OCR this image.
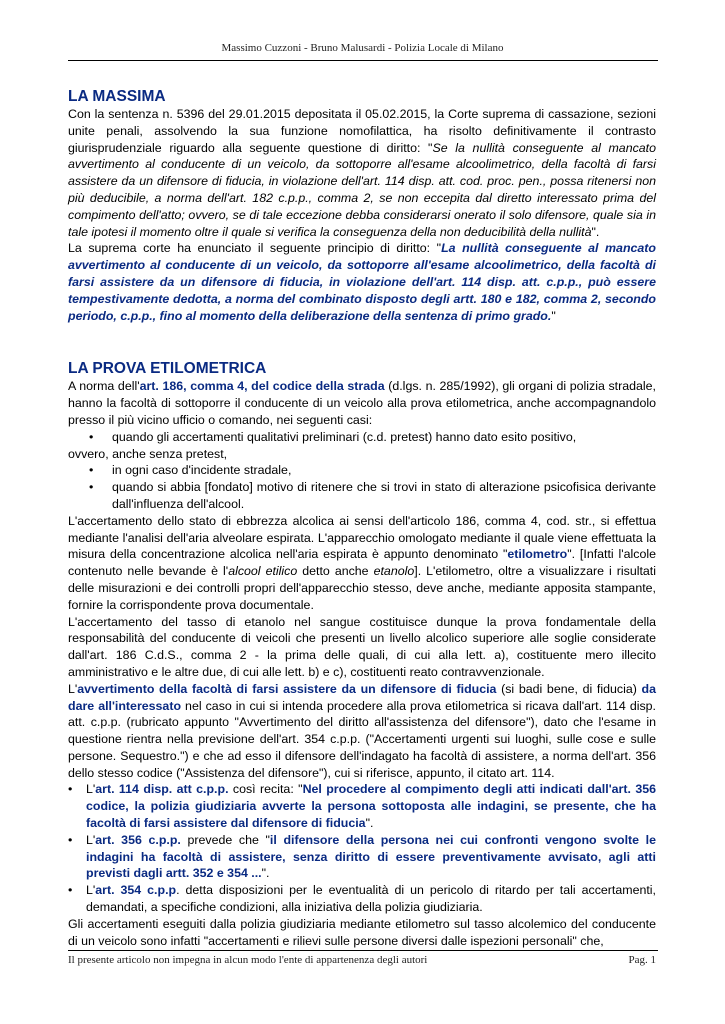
Massimo Cuzzoni - Bruno Malusardi - Polizia Locale di Milano
LA MASSIMA

Con la sentenza n. 5396 del 29.01.2015 depositata il 05.02.2015, la Corte suprema di cassazione, sezioni unite penali, assolvendo la sua funzione nomofilattica, ha risolto definitivamente il contrasto giurisprudenziale riguardo alla seguente questione di diritto: "Se la nullità conseguente al mancato avvertimento al conducente di un veicolo, da sottoporre all'esame alcoolimetrico, della facoltà di farsi assistere da un difensore di fiducia, in violazione dell'art. 114 disp. att. cod. proc. pen., possa ritenersi non più deducibile, a norma dell'art. 182 c.p.p., comma 2, se non eccepita dal diretto interessato prima del compimento dell'atto; ovvero, se di tale eccezione debba considerarsi onerato il solo difensore, quale sia in tale ipotesi il momento oltre il quale si verifica la conseguenza della non deducibilità della nullità".

La suprema corte ha enunciato il seguente principio di diritto: "La nullità conseguente al mancato avvertimento al conducente di un veicolo, da sottoporre all'esame alcoolimetrico, della facoltà di farsi assistere da un difensore di fiducia, in violazione dell'art. 114 disp. att. c.p.p., può essere tempestivamente dedotta, a norma del combinato disposto degli artt. 180 e 182, comma 2, secondo periodo, c.p.p., fino al momento della deliberazione della sentenza di primo grado."

LA PROVA ETILOMETRICA

A norma dell'art. 186, comma 4, del codice della strada (d.lgs. n. 285/1992), gli organi di polizia stradale, hanno la facoltà di sottoporre il conducente di un veicolo alla prova etilometrica, anche accompagnandolo presso il più vicino ufficio o comando, nei seguenti casi:

• quando gli accertamenti qualitativi preliminari (c.d. pretest) hanno dato esito positivo,

ovvero, anche senza pretest,

• in ogni caso d'incidente stradale,
• quando si abbia [fondato] motivo di ritenere che si trovi in stato di alterazione psicofisica derivante dall'influenza dell'alcool.

L'accertamento dello stato di ebbrezza alcolica ai sensi dell'articolo 186, comma 4, cod. str., si effettua mediante l'analisi dell'aria alveolare espirata. L'apparecchio omologato mediante il quale viene effettuata la misura della concentrazione alcolica nell'aria espirata è appunto denominato "etilometro". [Infatti l'alcole contenuto nelle bevande è l'alcool etilico detto anche etanolo]. L'etilometro, oltre a visualizzare i risultati delle misurazioni e dei controlli propri dell'apparecchio stesso, deve anche, mediante apposita stampante, fornire la corrispondente prova documentale.

L'accertamento del tasso di etanolo nel sangue costituisce dunque la prova fondamentale della responsabilità del conducente di veicoli che presenti un livello alcolico superiore alle soglie considerate dall'art. 186 C.d.S., comma 2 - la prima delle quali, di cui alla lett. a), costituente mero illecito amministrativo e le altre due, di cui alle lett. b) e c), costituenti reato contravvenzionale.

L'avvertimento della facoltà di farsi assistere da un difensore di fiducia (si badi bene, di fiducia) da dare all'interessato nel caso in cui si intenda procedere alla prova etilometrica si ricava dall'art. 114 disp. att. c.p.p. (rubricato appunto "Avvertimento del diritto all'assistenza del difensore"), dato che l'esame in questione rientra nella previsione dell'art. 354 c.p.p. ("Accertamenti urgenti sui luoghi, sulle cose e sulle persone. Sequestro.") e che ad esso il difensore dell'indagato ha facoltà di assistere, a norma dell'art. 356 dello stesso codice ("Assistenza del difensore"), cui si riferisce, appunto, il citato art. 114.

• L'art. 114 disp. att c.p.p. così recita: "Nel procedere al compimento degli atti indicati dall'art. 356 codice, la polizia giudiziaria avverte la persona sottoposta alle indagini, se presente, che ha facoltà di farsi assistere dal difensore di fiducia".
• L'art. 356 c.p.p. prevede che "il difensore della persona nei cui confronti vengono svolte le indagini ha facoltà di assistere, senza diritto di essere preventivamente avvisato, agli atti previsti dagli artt. 352 e 354 ...".
• L'art. 354 c.p.p. detta disposizioni per le eventualità di un pericolo di ritardo per tali accertamenti, demandati, a specifiche condizioni, alla iniziativa della polizia giudiziaria.

Gli accertamenti eseguiti dalla polizia giudiziaria mediante etilometro sul tasso alcolemico del conducente di un veicolo sono infatti "accertamenti e rilievi sulle persone diversi dalle ispezioni personali" che,

Il presente articolo non impegna in alcun modo l'ente di appartenenza degli autori	Pag. 1
